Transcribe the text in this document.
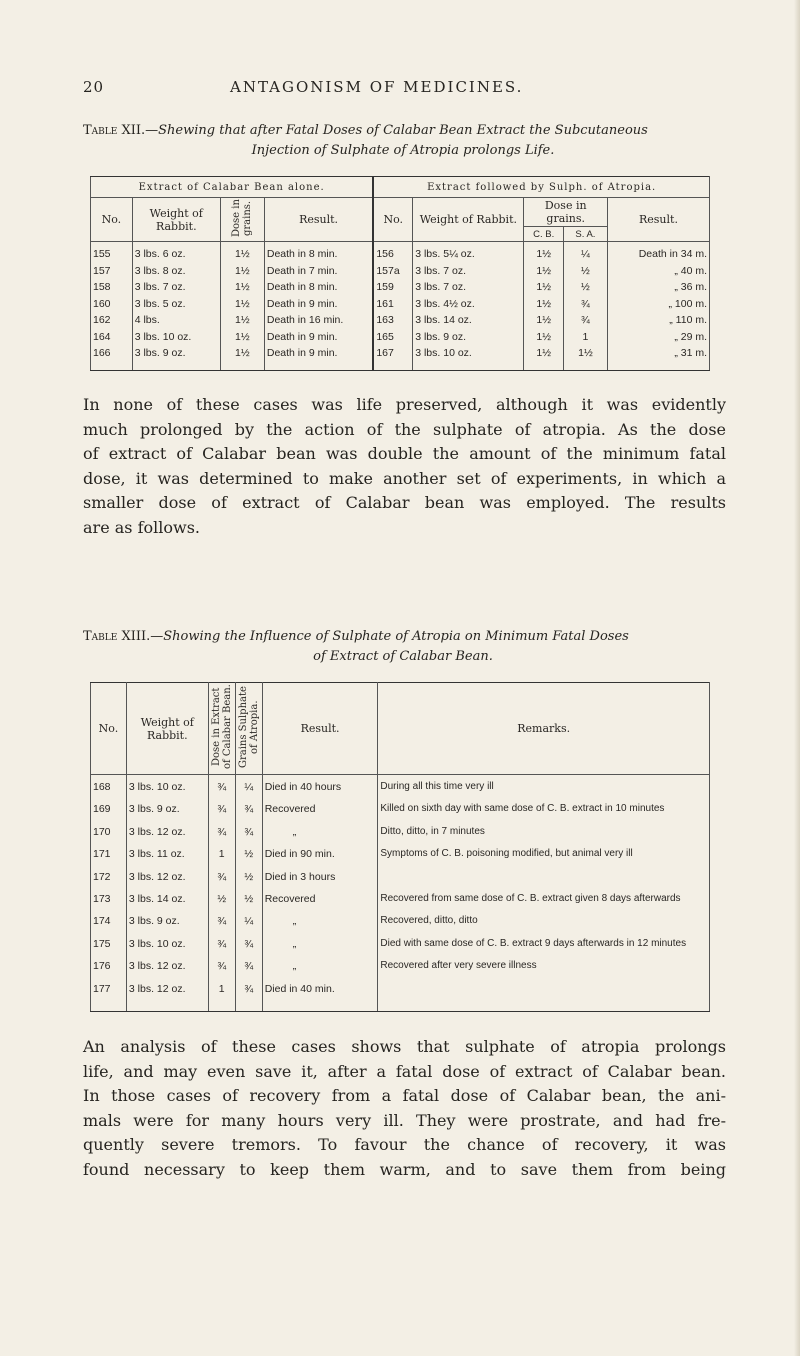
20	ANTAGONISM OF MEDICINES.
Table XII.—Shewing that after Fatal Doses of Calabar Bean Extract the Subcutaneous
Injection of Sulphate of Atropia prolongs Life.
Extract of Calabar Bean alone.				Extract followed by Sulph. of Atropia.				
No.	Weight of Rabbit.	Dose in grains.	Result.	No.	Weight of Rabbit.	Dose in grains.		Result.
						C. B.	S. A.	

155	3 lbs. 6 oz.	1½	Death in 8 min.	156	3 lbs. 5¼ oz.	1½	¼	Death in 34 m.
157	3 lbs. 8 oz.	1½	Death in 7 min.	157a	3 lbs. 7 oz.	1½	½	„ 40 m.
158	3 lbs. 7 oz.	1½	Death in 8 min.	159	3 lbs. 7 oz.	1½	½	„ 36 m.
160	3 lbs. 5 oz.	1½	Death in 9 min.	161	3 lbs. 4½ oz.	1½	¾	„ 100 m.
162	4 lbs.	1½	Death in 16 min.	163	3 lbs. 14 oz.	1½	¾	„ 110 m.
164	3 lbs. 10 oz.	1½	Death in 9 min.	165	3 lbs. 9 oz.	1½	1	„ 29 m.
166	3 lbs. 9 oz.	1½	Death in 9 min.	167	3 lbs. 10 oz.	1½	1½	„ 31 m.

In none of these cases was life preserved, although it was evidently
much prolonged by the action of the sulphate of atropia. As the dose
of extract of Calabar bean was double the amount of the minimum fatal
dose, it was determined to make another set of experiments, in which a
smaller dose of extract of Calabar bean was employed. The results
are as follows.
Table XIII.—Showing the Influence of Sulphate of Atropia on Minimum Fatal Doses
of Extract of Calabar Bean.
No.	Weight of Rabbit.	Dose in Extract of Calabar Bean.	Grains Sulphate of Atropia.	Result.	Remarks.

168	3 lbs. 10 oz.	¾	¼	Died in 40 hours	During all this time very ill
169	3 lbs. 9 oz.	¾	¾	Recovered	Killed on sixth day with same dose of C. B. extract in 10 minutes
170	3 lbs. 12 oz.	¾	¾	„	Ditto, ditto, in 7 minutes
171	3 lbs. 11 oz.	1	½	Died in 90 min.	Symptoms of C. B. poisoning modified, but animal very ill
172	3 lbs. 12 oz.	¾	½	Died in 3 hours	
173	3 lbs. 14 oz.	½	½	Recovered	Recovered from same dose of C. B. extract given 8 days afterwards
174	3 lbs. 9 oz.	¾	¼	„	Recovered, ditto, ditto
175	3 lbs. 10 oz.	¾	¾	„	Died with same dose of C. B. extract 9 days afterwards in 12 minutes
176	3 lbs. 12 oz.	¾	¾	„	Recovered after very severe illness
177	3 lbs. 12 oz.	1	¾	Died in 40 min.	

An analysis of these cases shows that sulphate of atropia prolongs
life, and may even save it, after a fatal dose of extract of Calabar bean.
In those cases of recovery from a fatal dose of Calabar bean, the ani-
mals were for many hours very ill. They were prostrate, and had fre-
quently severe tremors. To favour the chance of recovery, it was
found necessary to keep them warm, and to save them from being
